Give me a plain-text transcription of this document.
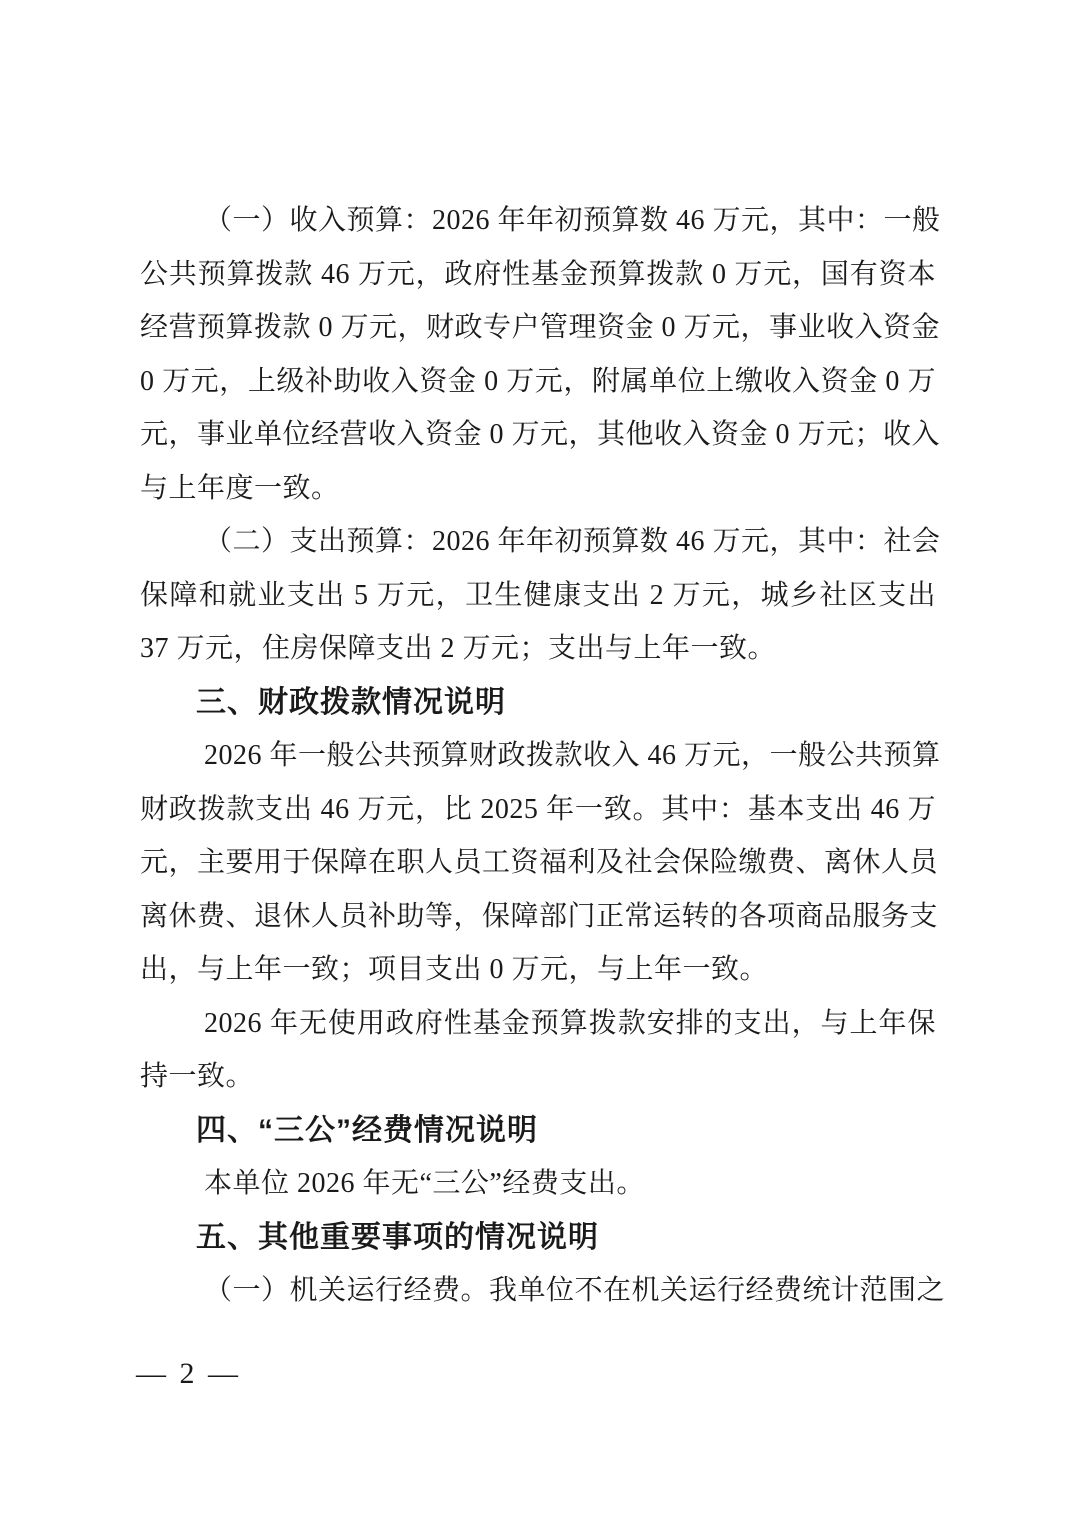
（一）收入预算：2026 年年初预算数 46 万元，其中：一般
公共预算拨款 46 万元，政府性基金预算拨款 0 万元，国有资本
经营预算拨款 0 万元，财政专户管理资金 0 万元，事业收入资金
0 万元，上级补助收入资金 0 万元，附属单位上缴收入资金 0 万
元，事业单位经营收入资金 0 万元，其他收入资金 0 万元；收入
与上年度一致。
（二）支出预算：2026 年年初预算数 46 万元，其中：社会
保障和就业支出 5 万元，卫生健康支出 2 万元，城乡社区支出
37 万元，住房保障支出 2 万元；支出与上年一致。
三、财政拨款情况说明
2026 年一般公共预算财政拨款收入 46 万元，一般公共预算
财政拨款支出 46 万元，比 2025 年一致。其中：基本支出 46 万
元，主要用于保障在职人员工资福利及社会保险缴费、离休人员
离休费、退休人员补助等，保障部门正常运转的各项商品服务支
出，与上年一致；项目支出 0 万元，与上年一致。
2026 年无使用政府性基金预算拨款安排的支出，与上年保
持一致。
四、“三公”经费情况说明
本单位 2026 年无“三公”经费支出。
五、其他重要事项的情况说明
（一）机关运行经费。我单位不在机关运行经费统计范围之
— 2 —
